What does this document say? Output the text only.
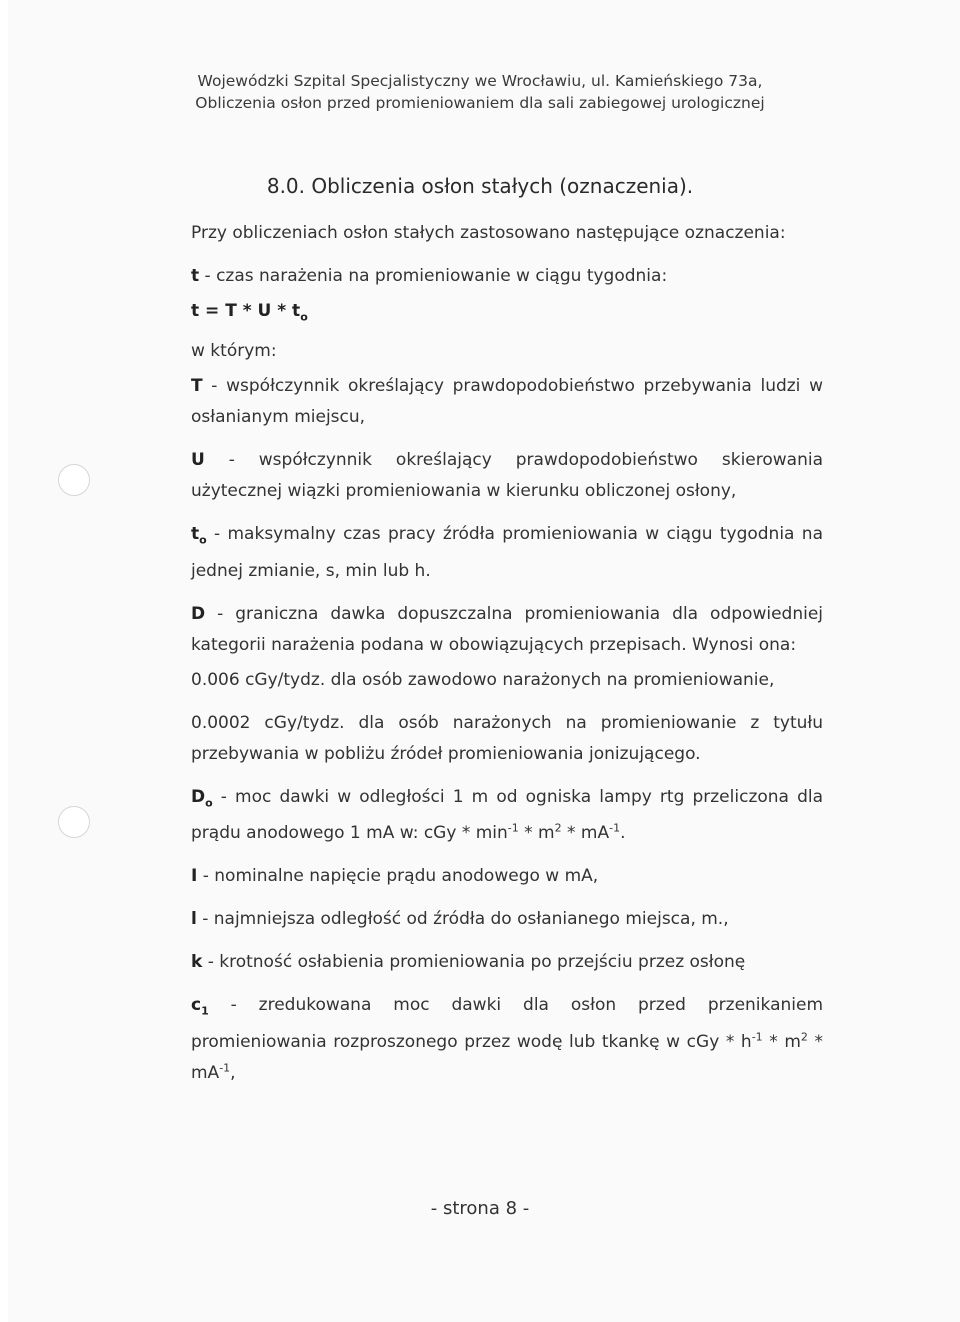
Wojewódzki Szpital Specjalistyczny we Wrocławiu, ul. Kamieńskiego 73a,
Obliczenia osłon przed promieniowaniem dla sali zabiegowej urologicznej
8.0. Obliczenia osłon stałych (oznaczenia).

Przy obliczeniach osłon stałych zastosowano następujące oznaczenia:

t - czas narażenia na promieniowanie w ciągu tygodnia:

$t = T * U * t_o$

w którym:

T - współczynnik określający prawdopodobieństwo przebywania ludzi w osłanianym miejscu,

U - współczynnik określający prawdopodobieństwo skierowania użytecznej wiązki promieniowania w kierunku obliczonej osłony,

$t_o$ - maksymalny czas pracy źródła promieniowania w ciągu tygodnia na jednej zmianie, s, min lub h.

D - graniczna dawka dopuszczalna promieniowania dla odpowiedniej kategorii narażenia podana w obowiązujących przepisach. Wynosi ona:

0.006 cGy/tydz. dla osób zawodowo narażonych na promieniowanie,

0.0002 cGy/tydz. dla osób narażonych na promieniowanie z tytułu przebywania w pobliżu źródeł promieniowania jonizującego.

$D_o$ - moc dawki w odległości 1 m od ogniska lampy rtg przeliczona dla prądu anodowego 1 mA w: cGy * $\min^{-1} * m^2 * mA^{-1}$.

I - nominalne napięcie prądu anodowego w mA,

l - najmniejsza odległość od źródła do osłanianego miejsca, m.,

k - krotność osłabienia promieniowania po przejściu przez osłonę

$c_1$ - zredukowana moc dawki dla osłon przed przenikaniem promieniowania rozproszonego przez wodę lub tkankę w cGy * $h^{-1} * m^2 * mA^{-1}$,

- strona 8 -
